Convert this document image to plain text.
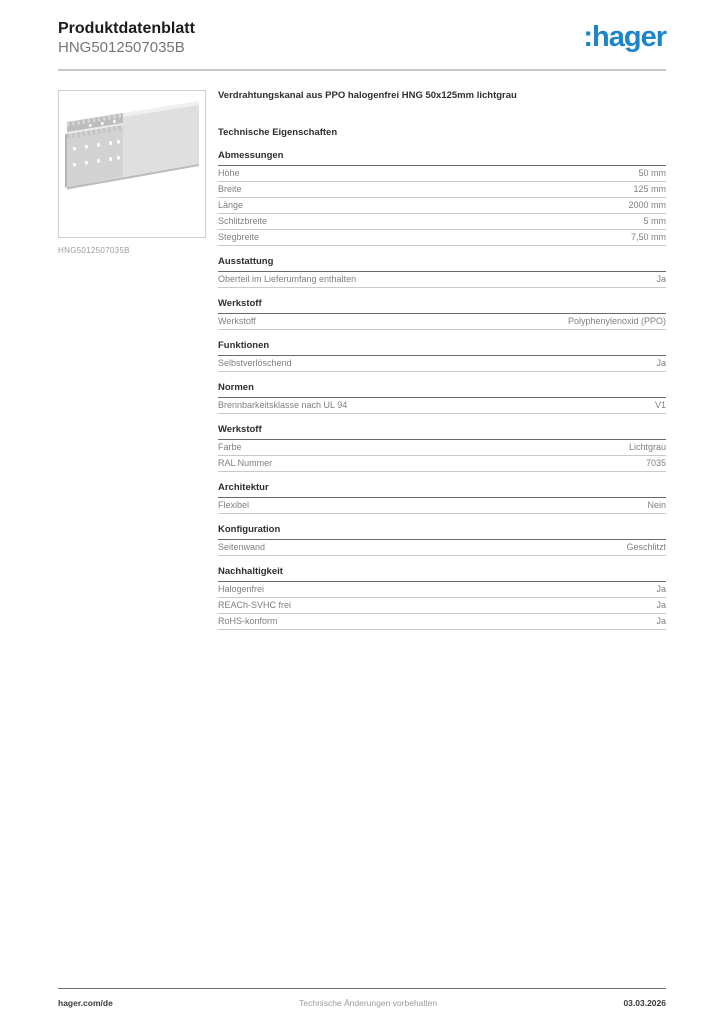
Produktdatenblatt
HNG5012507035B	:hager
HNG5012507035B
Verdrahtungskanal aus PPO halogenfrei HNG 50x125mm lichtgrau
Technische Eigenschaften
Abmessungen
Höhe	50 mm
Breite	125 mm
Länge	2000 mm
Schlitzbreite	5 mm
Stegbreite	7,50 mm
Ausstattung
Oberteil im Lieferumfang enthalten	Ja
Werkstoff
Werkstoff	Polyphenylenoxid (PPO)
Funktionen
Selbstverlöschend	Ja
Normen
Brennbarkeitsklasse nach UL 94	V1
Werkstoff
Farbe	Lichtgrau
RAL Nummer	7035
Architektur
Flexibel	Nein
Konfiguration
Seitenwand	Geschlitzt
Nachhaltigkeit
Halogenfrei	Ja
REACh-SVHC frei	Ja
RoHS-konform	Ja
hager.com/de	Technische Änderungen vorbehalten	03.03.2026
